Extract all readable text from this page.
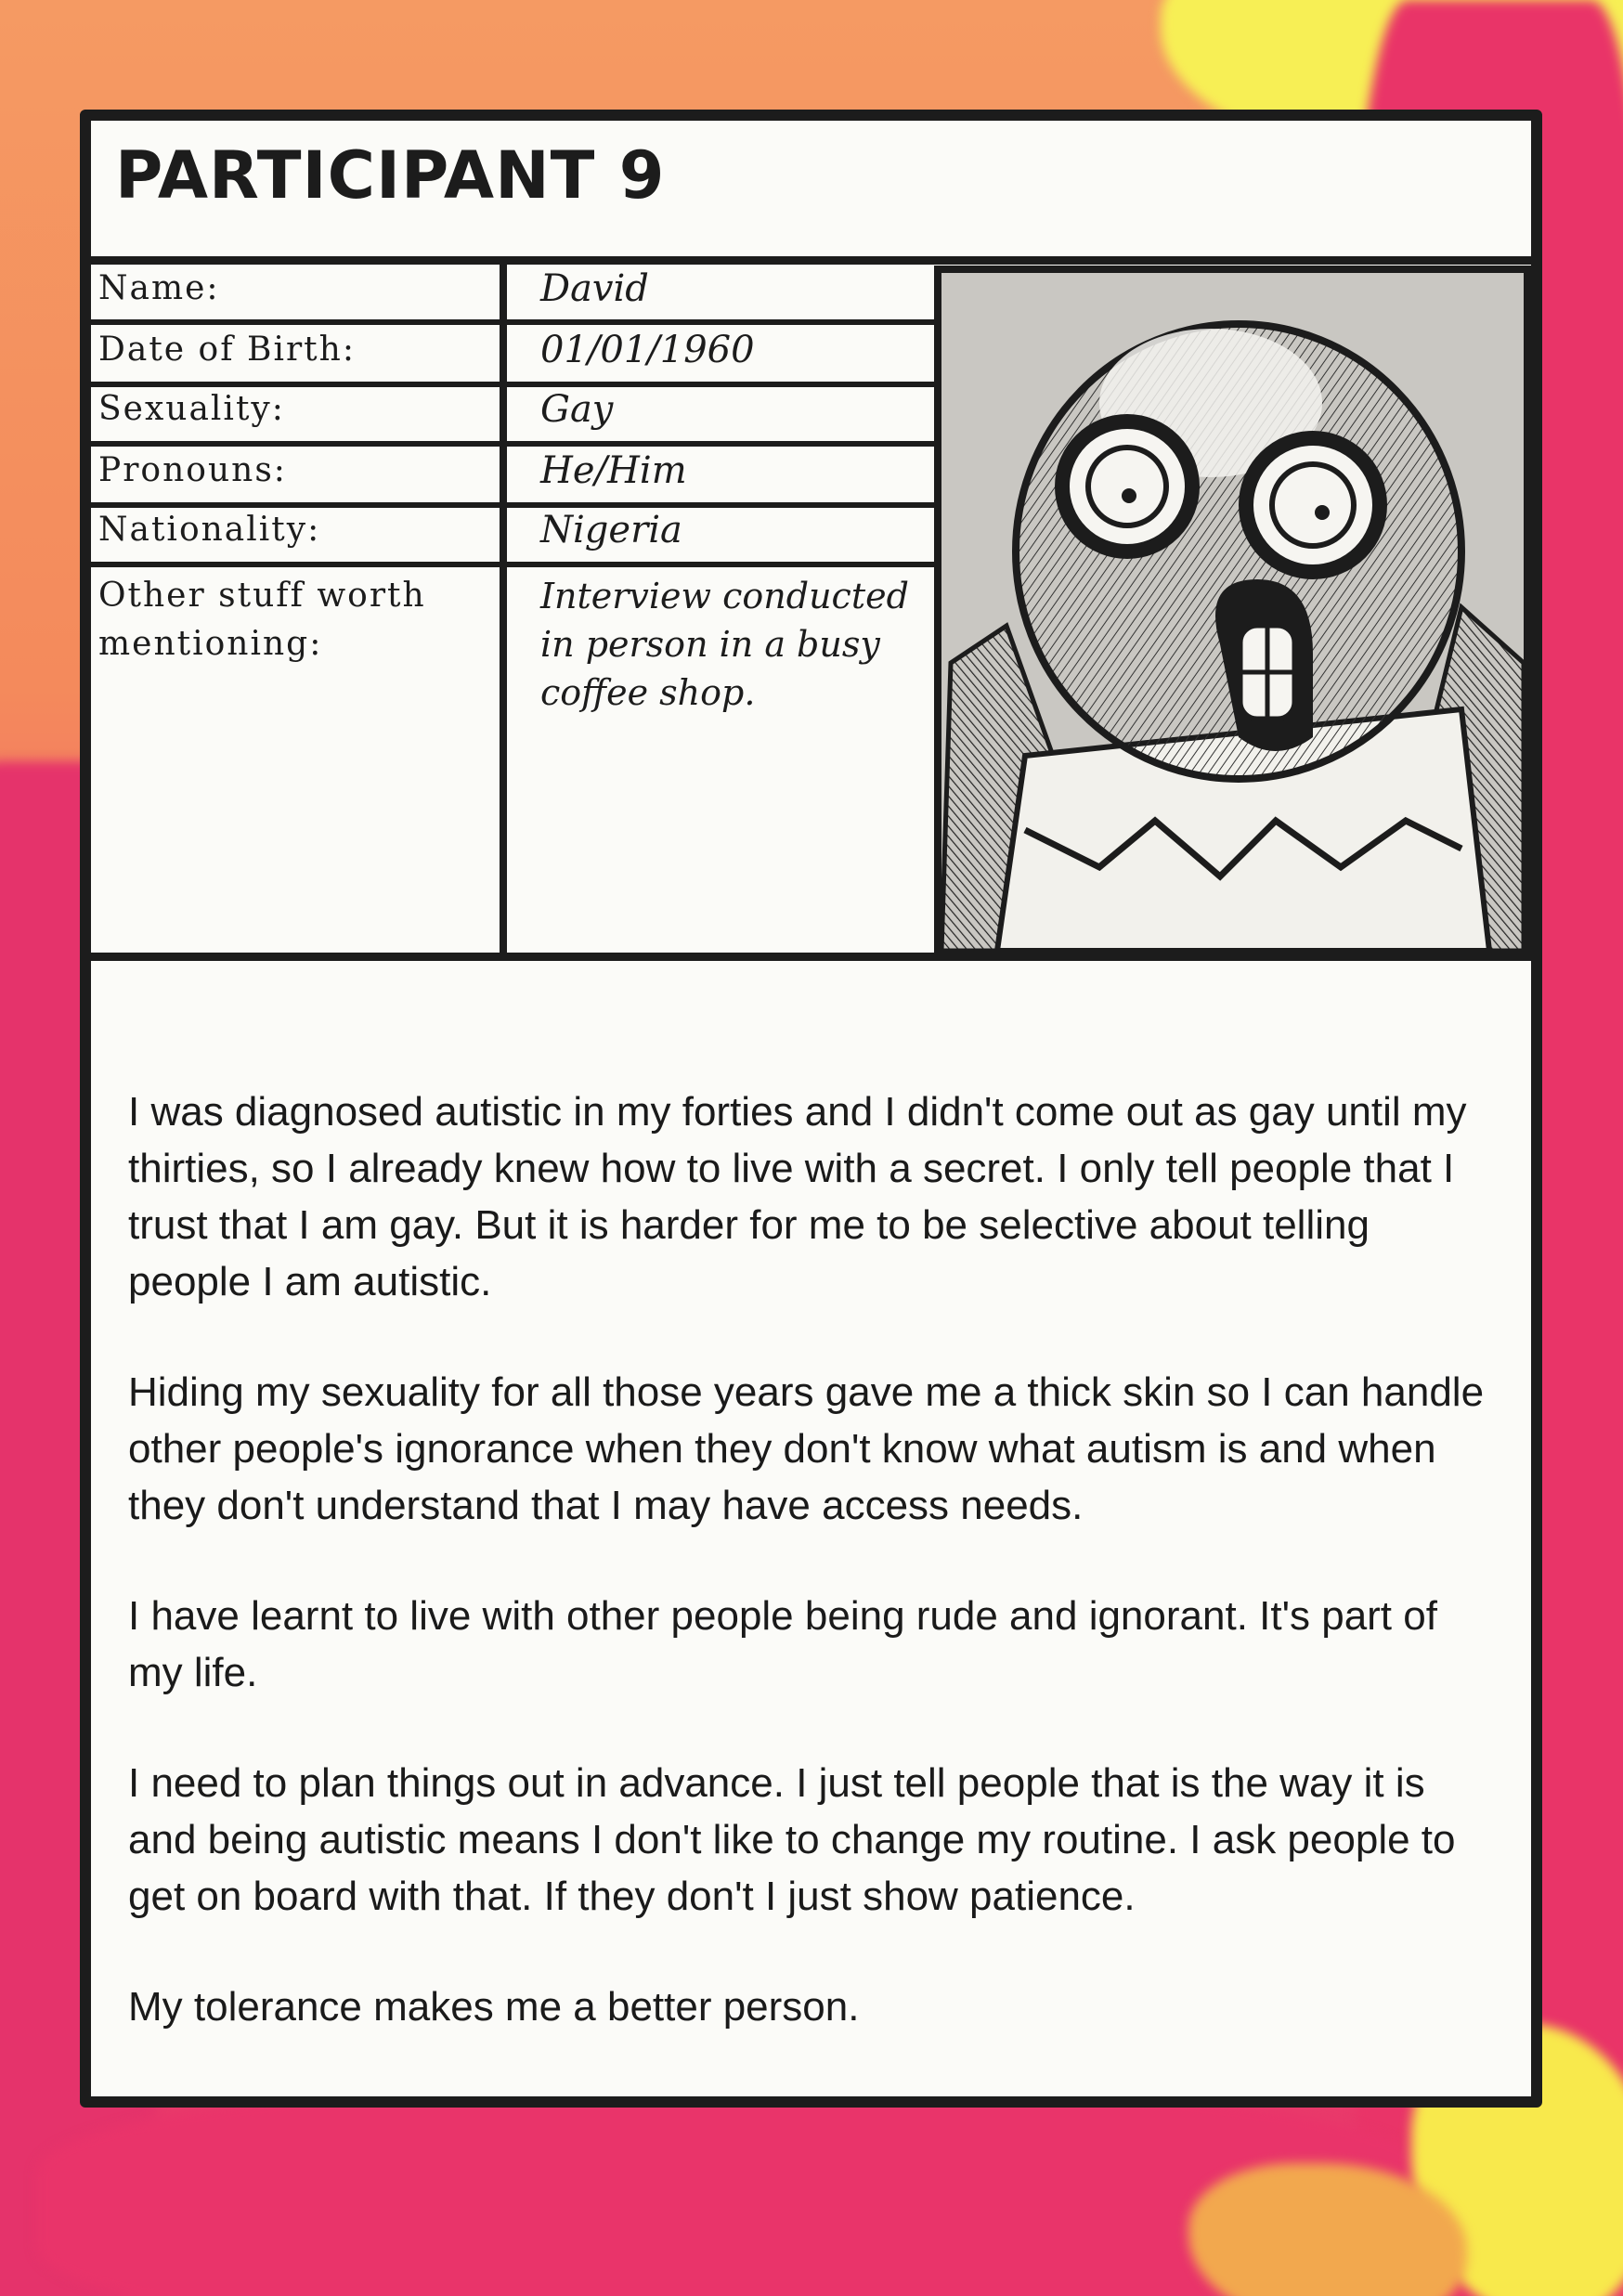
PARTICIPANT 9
Name:	David
Date of Birth:	01/01/1960
Sexuality:	Gay
Pronouns:	He/Him
Nationality:	Nigeria
Other stuff worth mentioning:
Interview conducted in person in a busy coffee shop.

I was diagnosed autistic in my forties and I didn't come out as gay until my thirties, so I already knew how to live with a secret. I only tell people that I trust that I am gay. But it is harder for me to be selective about telling people I am autistic.

Hiding my sexuality for all those years gave me a thick skin so I can handle other people's ignorance when they don't know what autism is and when they don't understand that I may have access needs.

I have learnt to live with other people being rude and ignorant. It's part of my life.

I need to plan things out in advance. I just tell people that is the way it is and being autistic means I don't like to change my routine. I ask people to get on board with that. If they don't I just show patience.

My tolerance makes me a better person.
